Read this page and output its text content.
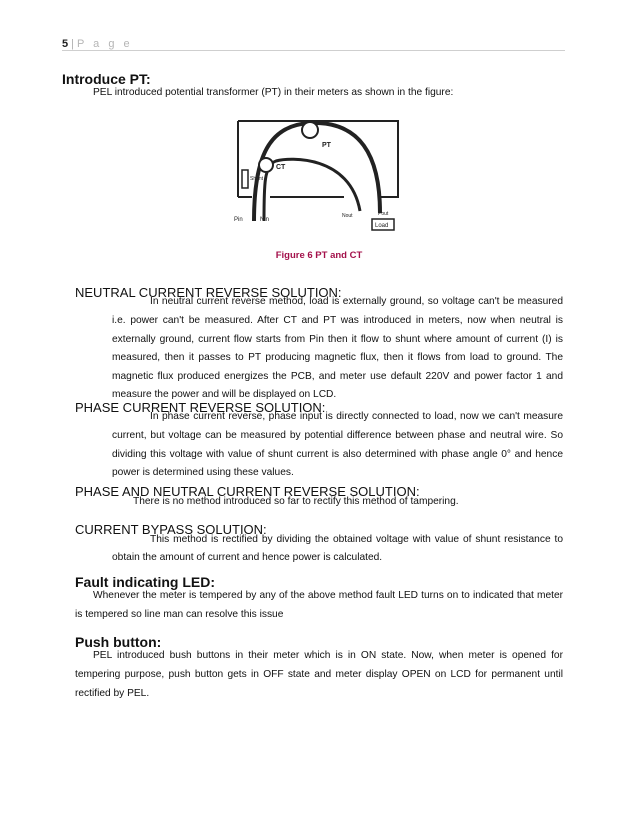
5 | P a g e
Introduce PT:
PEL introduced potential transformer (PT) in their meters as shown in the figure:
PT
CT
Shunt
Pin	Nin
Nout	Pout
Load
Figure 6 PT and CT
NEUTRAL CURRENT REVERSE SOLUTION:
In neutral current reverse method, load is externally ground, so voltage can't be measured
i.e. power can't be measured. After CT and PT was introduced in meters, now when neutral is externally ground, current flow starts from Pin then it flow to shunt where amount of current (I) is measured, then it passes to PT producing magnetic flux, then it flows from load to ground. The magnetic flux produced energizes the PCB, and meter use default 220V and power factor 1 and measure the power and will be displayed on LCD.
PHASE CURRENT REVERSE SOLUTION:
In phase current reverse, phase input is directly connected to load, now we can't measure
current, but voltage can be measured by potential difference between phase and neutral wire. So dividing this voltage with value of shunt current is also determined with phase angle 0° and hence power is determined using these values.
PHASE AND NEUTRAL CURRENT REVERSE SOLUTION:
There is no method introduced so far to rectify this method of tampering.
CURRENT BYPASS SOLUTION:
This method is rectified by dividing the obtained voltage with value of shunt resistance to
obtain the amount of current and hence power is calculated.
Fault indicating LED:
Whenever the meter is tempered by any of the above method fault LED turns on to indicated that meter
is tempered so line man can resolve this issue
Push button:
PEL introduced bush buttons in their meter which is in ON state. Now, when meter is opened for
tempering purpose, push button gets in OFF state and meter display OPEN on LCD for permanent until rectified by PEL.
